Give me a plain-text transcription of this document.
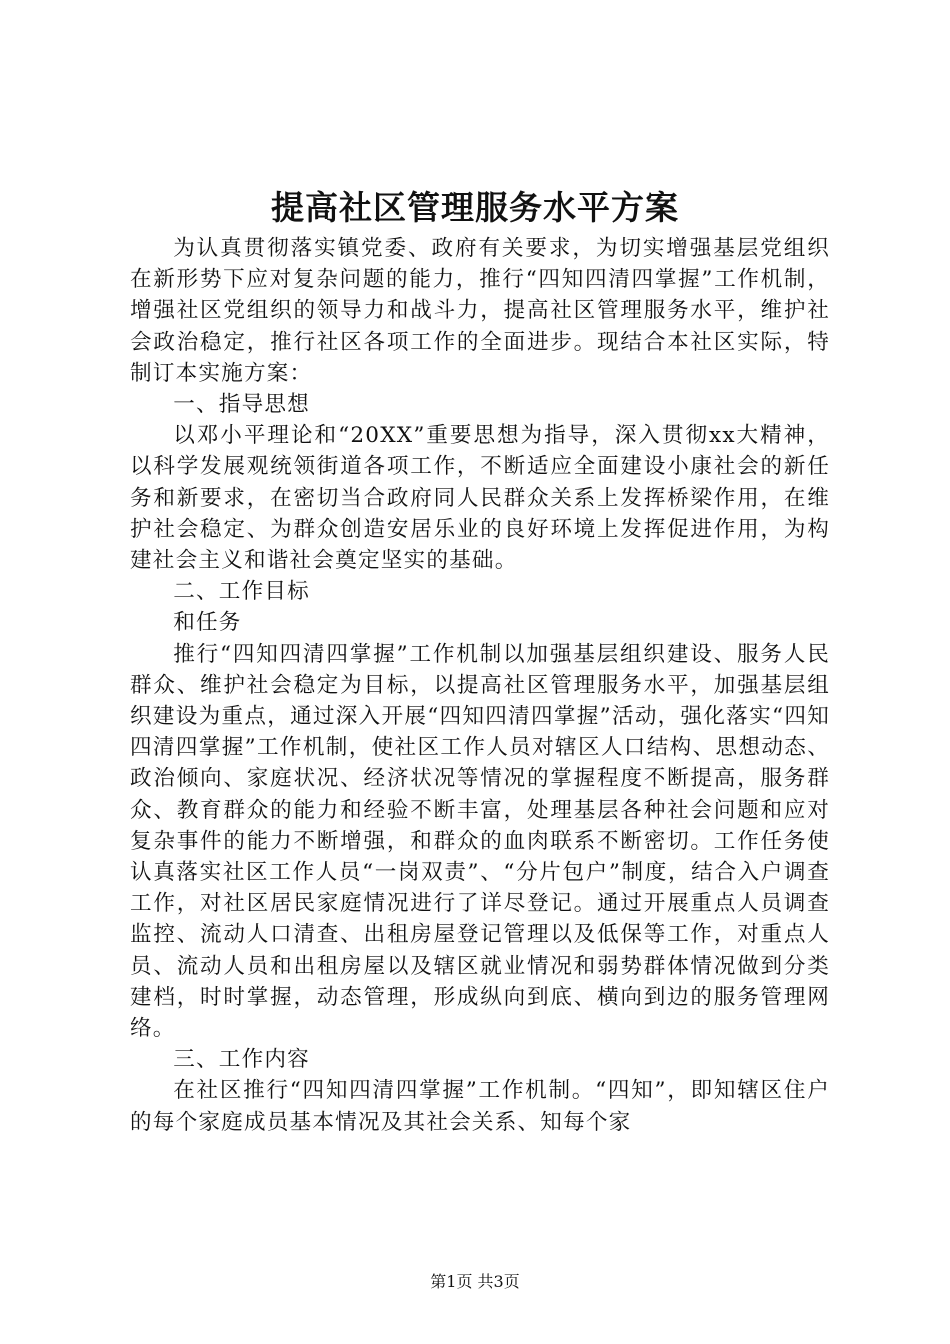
提高社区管理服务水平方案

为认真贯彻落实镇党委、政府有关要求，为切实增强基层党组织在新形势下应对复杂问题的能力，推行“四知四清四掌握”工作机制，增强社区党组织的领导力和战斗力，提高社区管理服务水平，维护社会政治稳定，推行社区各项工作的全面进步。现结合本社区实际，特制订本实施方案：

一、指导思想

以邓小平理论和“20XX”重要思想为指导，深入贯彻xx大精神，以科学发展观统领街道各项工作，不断适应全面建设小康社会的新任务和新要求，在密切当合政府同人民群众关系上发挥桥梁作用，在维护社会稳定、为群众创造安居乐业的良好环境上发挥促进作用，为构建社会主义和谐社会奠定坚实的基础。

二、工作目标

和任务

推行“四知四清四掌握”工作机制以加强基层组织建设、服务人民群众、维护社会稳定为目标，以提高社区管理服务水平，加强基层组织建设为重点，通过深入开展“四知四清四掌握”活动，强化落实“四知四清四掌握”工作机制，使社区工作人员对辖区人口结构、思想动态、政治倾向、家庭状况、经济状况等情况的掌握程度不断提高，服务群众、教育群众的能力和经验不断丰富，处理基层各种社会问题和应对复杂事件的能力不断增强，和群众的血肉联系不断密切。工作任务使认真落实社区工作人员“一岗双责”、“分片包户”制度，结合入户调查工作，对社区居民家庭情况进行了详尽登记。通过开展重点人员调查监控、流动人口清查、出租房屋登记管理以及低保等工作，对重点人员、流动人员和出租房屋以及辖区就业情况和弱势群体情况做到分类建档，时时掌握，动态管理，形成纵向到底、横向到边的服务管理网络。

三、工作内容

在社区推行“四知四清四掌握”工作机制。“四知”，即知辖区住户的每个家庭成员基本情况及其社会关系、知每个家

第1页 共3页
